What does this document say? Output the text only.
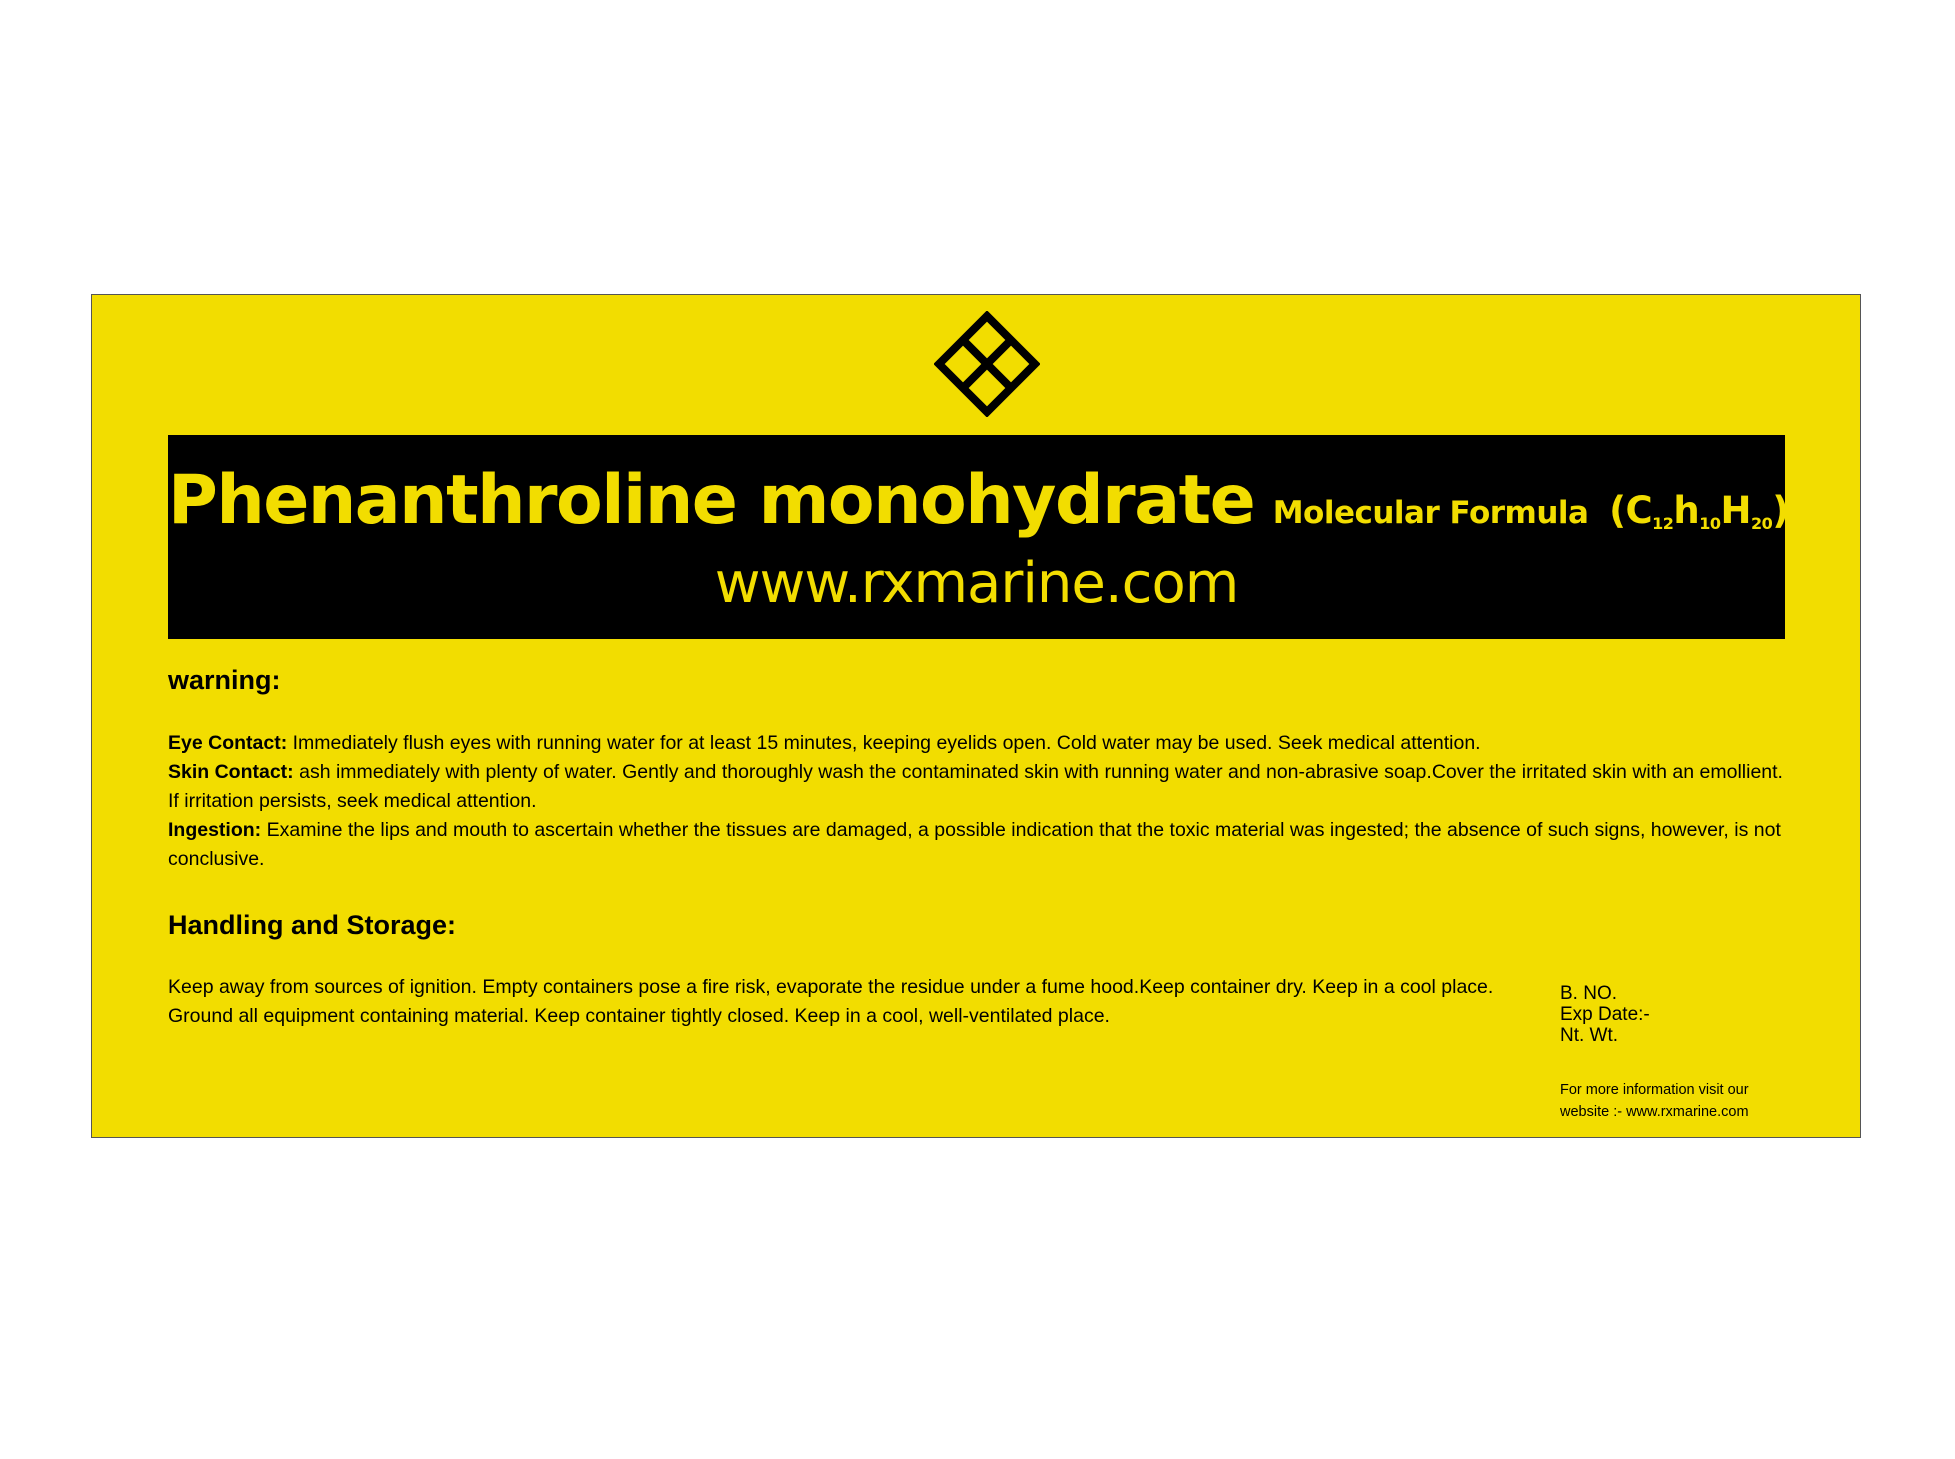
Phenanthroline monohydrate Molecular Formula $(C_{12}h_{10}H_{20})$
www.rxmarine.com
warning:
Eye Contact: Immediately flush eyes with running water for at least 15 minutes, keeping eyelids open. Cold water may be used. Seek medical attention.
Skin Contact: ash immediately with plenty of water. Gently and thoroughly wash the contaminated skin with running water and non-abrasive soap.Cover the irritated skin with an emollient. If irritation persists, seek medical attention.
Ingestion: Examine the lips and mouth to ascertain whether the tissues are damaged, a possible indication that the toxic material was ingested; the absence of such signs, however, is not conclusive.
Handling and Storage:
Keep away from sources of ignition. Empty containers pose a fire risk, evaporate the residue under a fume hood.Keep container dry. Keep in a cool place. Ground all equipment containing material. Keep container tightly closed. Keep in a cool, well-ventilated place.
B. NO.
Exp Date:-
Nt. Wt.
For more information visit our
website :- www.rxmarine.com
